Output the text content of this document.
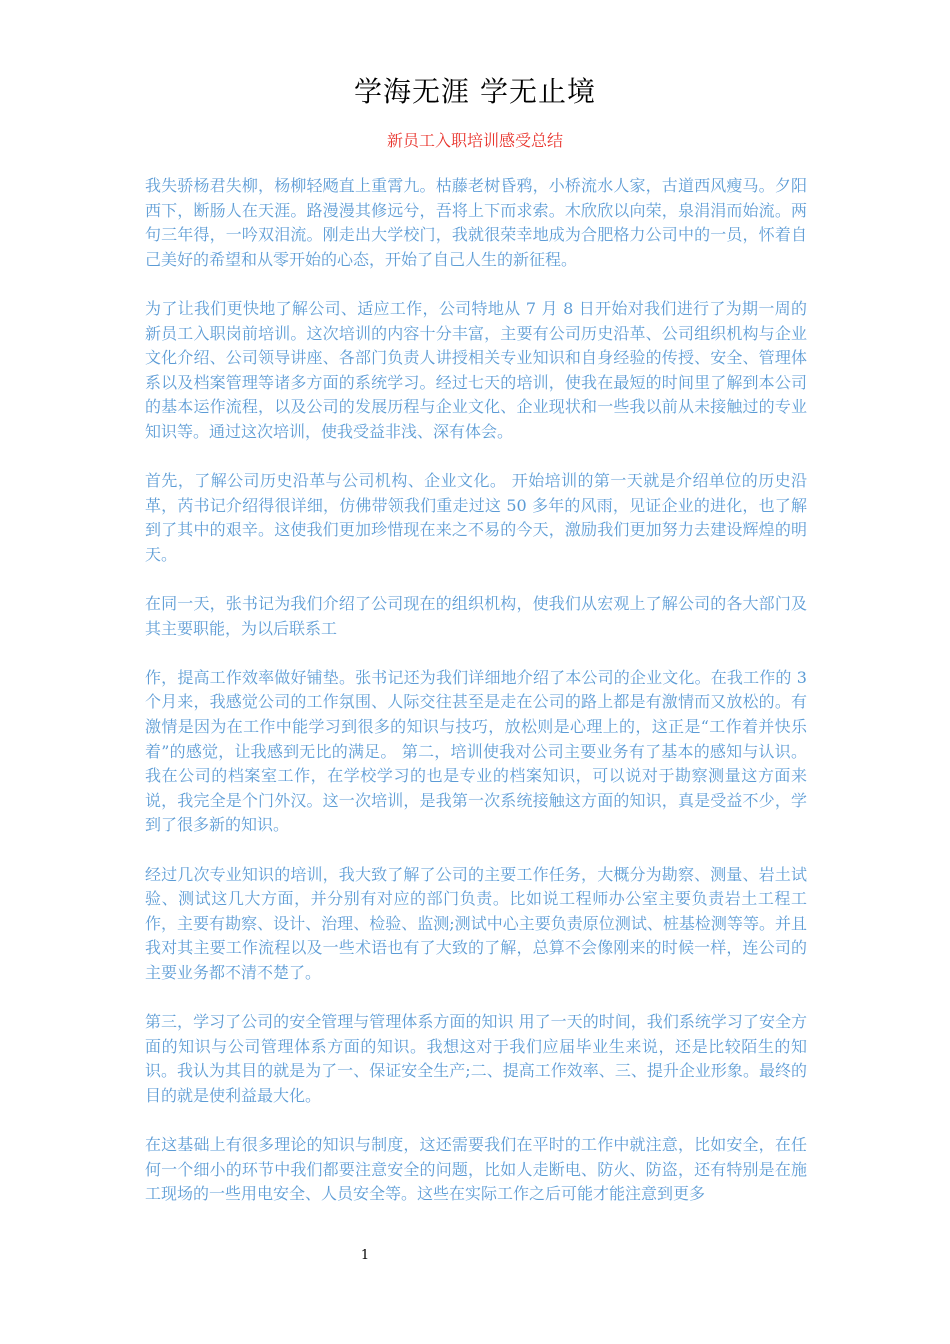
学海无涯 学无止境
新员工入职培训感受总结

我失骄杨君失柳，杨柳轻飏直上重霄九。枯藤老树昏鸦，小桥流水人家，古道西风瘦马。夕阳西下，断肠人在天涯。路漫漫其修远兮，吾将上下而求索。木欣欣以向荣，泉涓涓而始流。两句三年得，一吟双泪流。刚走出大学校门，我就很荣幸地成为合肥格力公司中的一员，怀着自己美好的希望和从零开始的心态，开始了自己人生的新征程。

为了让我们更快地了解公司、适应工作，公司特地从 7 月 8 日开始对我们进行了为期一周的新员工入职岗前培训。这次培训的内容十分丰富，主要有公司历史沿革、公司组织机构与企业文化介绍、公司领导讲座、各部门负责人讲授相关专业知识和自身经验的传授、安全、管理体系以及档案管理等诸多方面的系统学习。经过七天的培训，使我在最短的时间里了解到本公司的基本运作流程，以及公司的发展历程与企业文化、企业现状和一些我以前从未接触过的专业知识等。通过这次培训，使我受益非浅、深有体会。

首先，了解公司历史沿革与公司机构、企业文化。 开始培训的第一天就是介绍单位的历史沿革，芮书记介绍得很详细，仿佛带领我们重走过这 50 多年的风雨，见证企业的进化，也了解到了其中的艰辛。这使我们更加珍惜现在来之不易的今天，激励我们更加努力去建设辉煌的明天。

在同一天，张书记为我们介绍了公司现在的组织机构，使我们从宏观上了解公司的各大部门及其主要职能，为以后联系工

作，提高工作效率做好铺垫。张书记还为我们详细地介绍了本公司的企业文化。在我工作的 3 个月来，我感觉公司的工作氛围、人际交往甚至是走在公司的路上都是有激情而又放松的。有激情是因为在工作中能学习到很多的知识与技巧，放松则是心理上的，这正是“工作着并快乐着”的感觉，让我感到无比的满足。 第二，培训使我对公司主要业务有了基本的感知与认识。 我在公司的档案室工作，在学校学习的也是专业的档案知识，可以说对于勘察测量这方面来说，我完全是个门外汉。这一次培训，是我第一次系统接触这方面的知识，真是受益不少，学到了很多新的知识。

经过几次专业知识的培训，我大致了解了公司的主要工作任务，大概分为勘察、测量、岩土试验、测试这几大方面，并分别有对应的部门负责。比如说工程师办公室主要负责岩土工程工作，主要有勘察、设计、治理、检验、监测;测试中心主要负责原位测试、桩基检测等等。并且我对其主要工作流程以及一些术语也有了大致的了解，总算不会像刚来的时候一样，连公司的主要业务都不清不楚了。

第三，学习了公司的安全管理与管理体系方面的知识 用了一天的时间，我们系统学习了安全方面的知识与公司管理体系方面的知识。我想这对于我们应届毕业生来说，还是比较陌生的知识。我认为其目的就是为了一、保证安全生产;二、提高工作效率、三、提升企业形象。最终的目的就是使利益最大化。

在这基础上有很多理论的知识与制度，这还需要我们在平时的工作中就注意，比如安全，在任何一个细小的环节中我们都要注意安全的问题，比如人走断电、防火、防盗，还有特别是在施工现场的一些用电安全、人员安全等。这些在实际工作之后可能才能注意到更多

1
